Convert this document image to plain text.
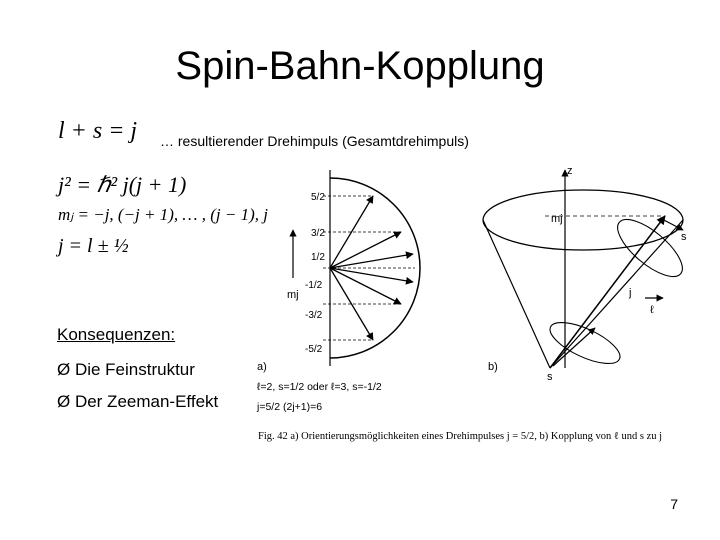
Spin-Bahn-Kopplung
l + s = j
j² = ℏ² j(j + 1)
mⱼ = −j, (−j + 1), … , (j − 1), j
j = l ± ½
… resultierender Drehimpuls (Gesamtdrehimpuls)
Konsequenzen:
Ø Die Feinstruktur
Ø Der Zeeman-Effekt
mj
5/2
3/2
1/2
-1/2
-3/2
-5/2
a)
z
mj
s
j
ℓ
s
b)
ℓ=2, s=1/2 oder ℓ=3, s=-1/2
j=5/2 (2j+1)=6
Fig. 42 a) Orientierungsmöglichkeiten eines Drehimpulses j = 5/2, b) Kopplung von ℓ und s zu j
7
